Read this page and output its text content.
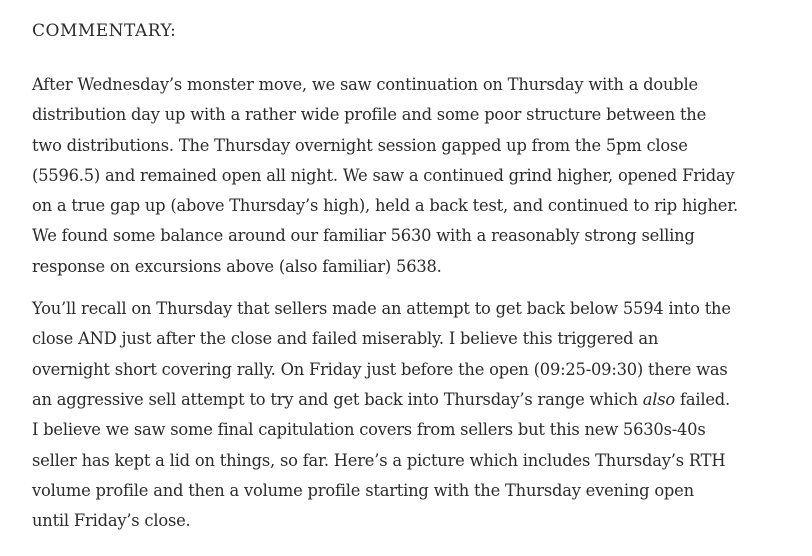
COMMENTARY:

After Wednesday’s monster move, we saw continuation on Thursday with a double
distribution day up with a rather wide profile and some poor structure between the
two distributions. The Thursday overnight session gapped up from the 5pm close
(5596.5) and remained open all night. We saw a continued grind higher, opened Friday
on a true gap up (above Thursday’s high), held a back test, and continued to rip higher.
We found some balance around our familiar 5630 with a reasonably strong selling
response on excursions above (also familiar) 5638.

You’ll recall on Thursday that sellers made an attempt to get back below 5594 into the
close AND just after the close and failed miserably. I believe this triggered an
overnight short covering rally. On Friday just before the open (09:25-09:30) there was
an aggressive sell attempt to try and get back into Thursday’s range which also failed.
I believe we saw some final capitulation covers from sellers but this new 5630s-40s
seller has kept a lid on things, so far. Here’s a picture which includes Thursday’s RTH
volume profile and then a volume profile starting with the Thursday evening open
until Friday’s close.
